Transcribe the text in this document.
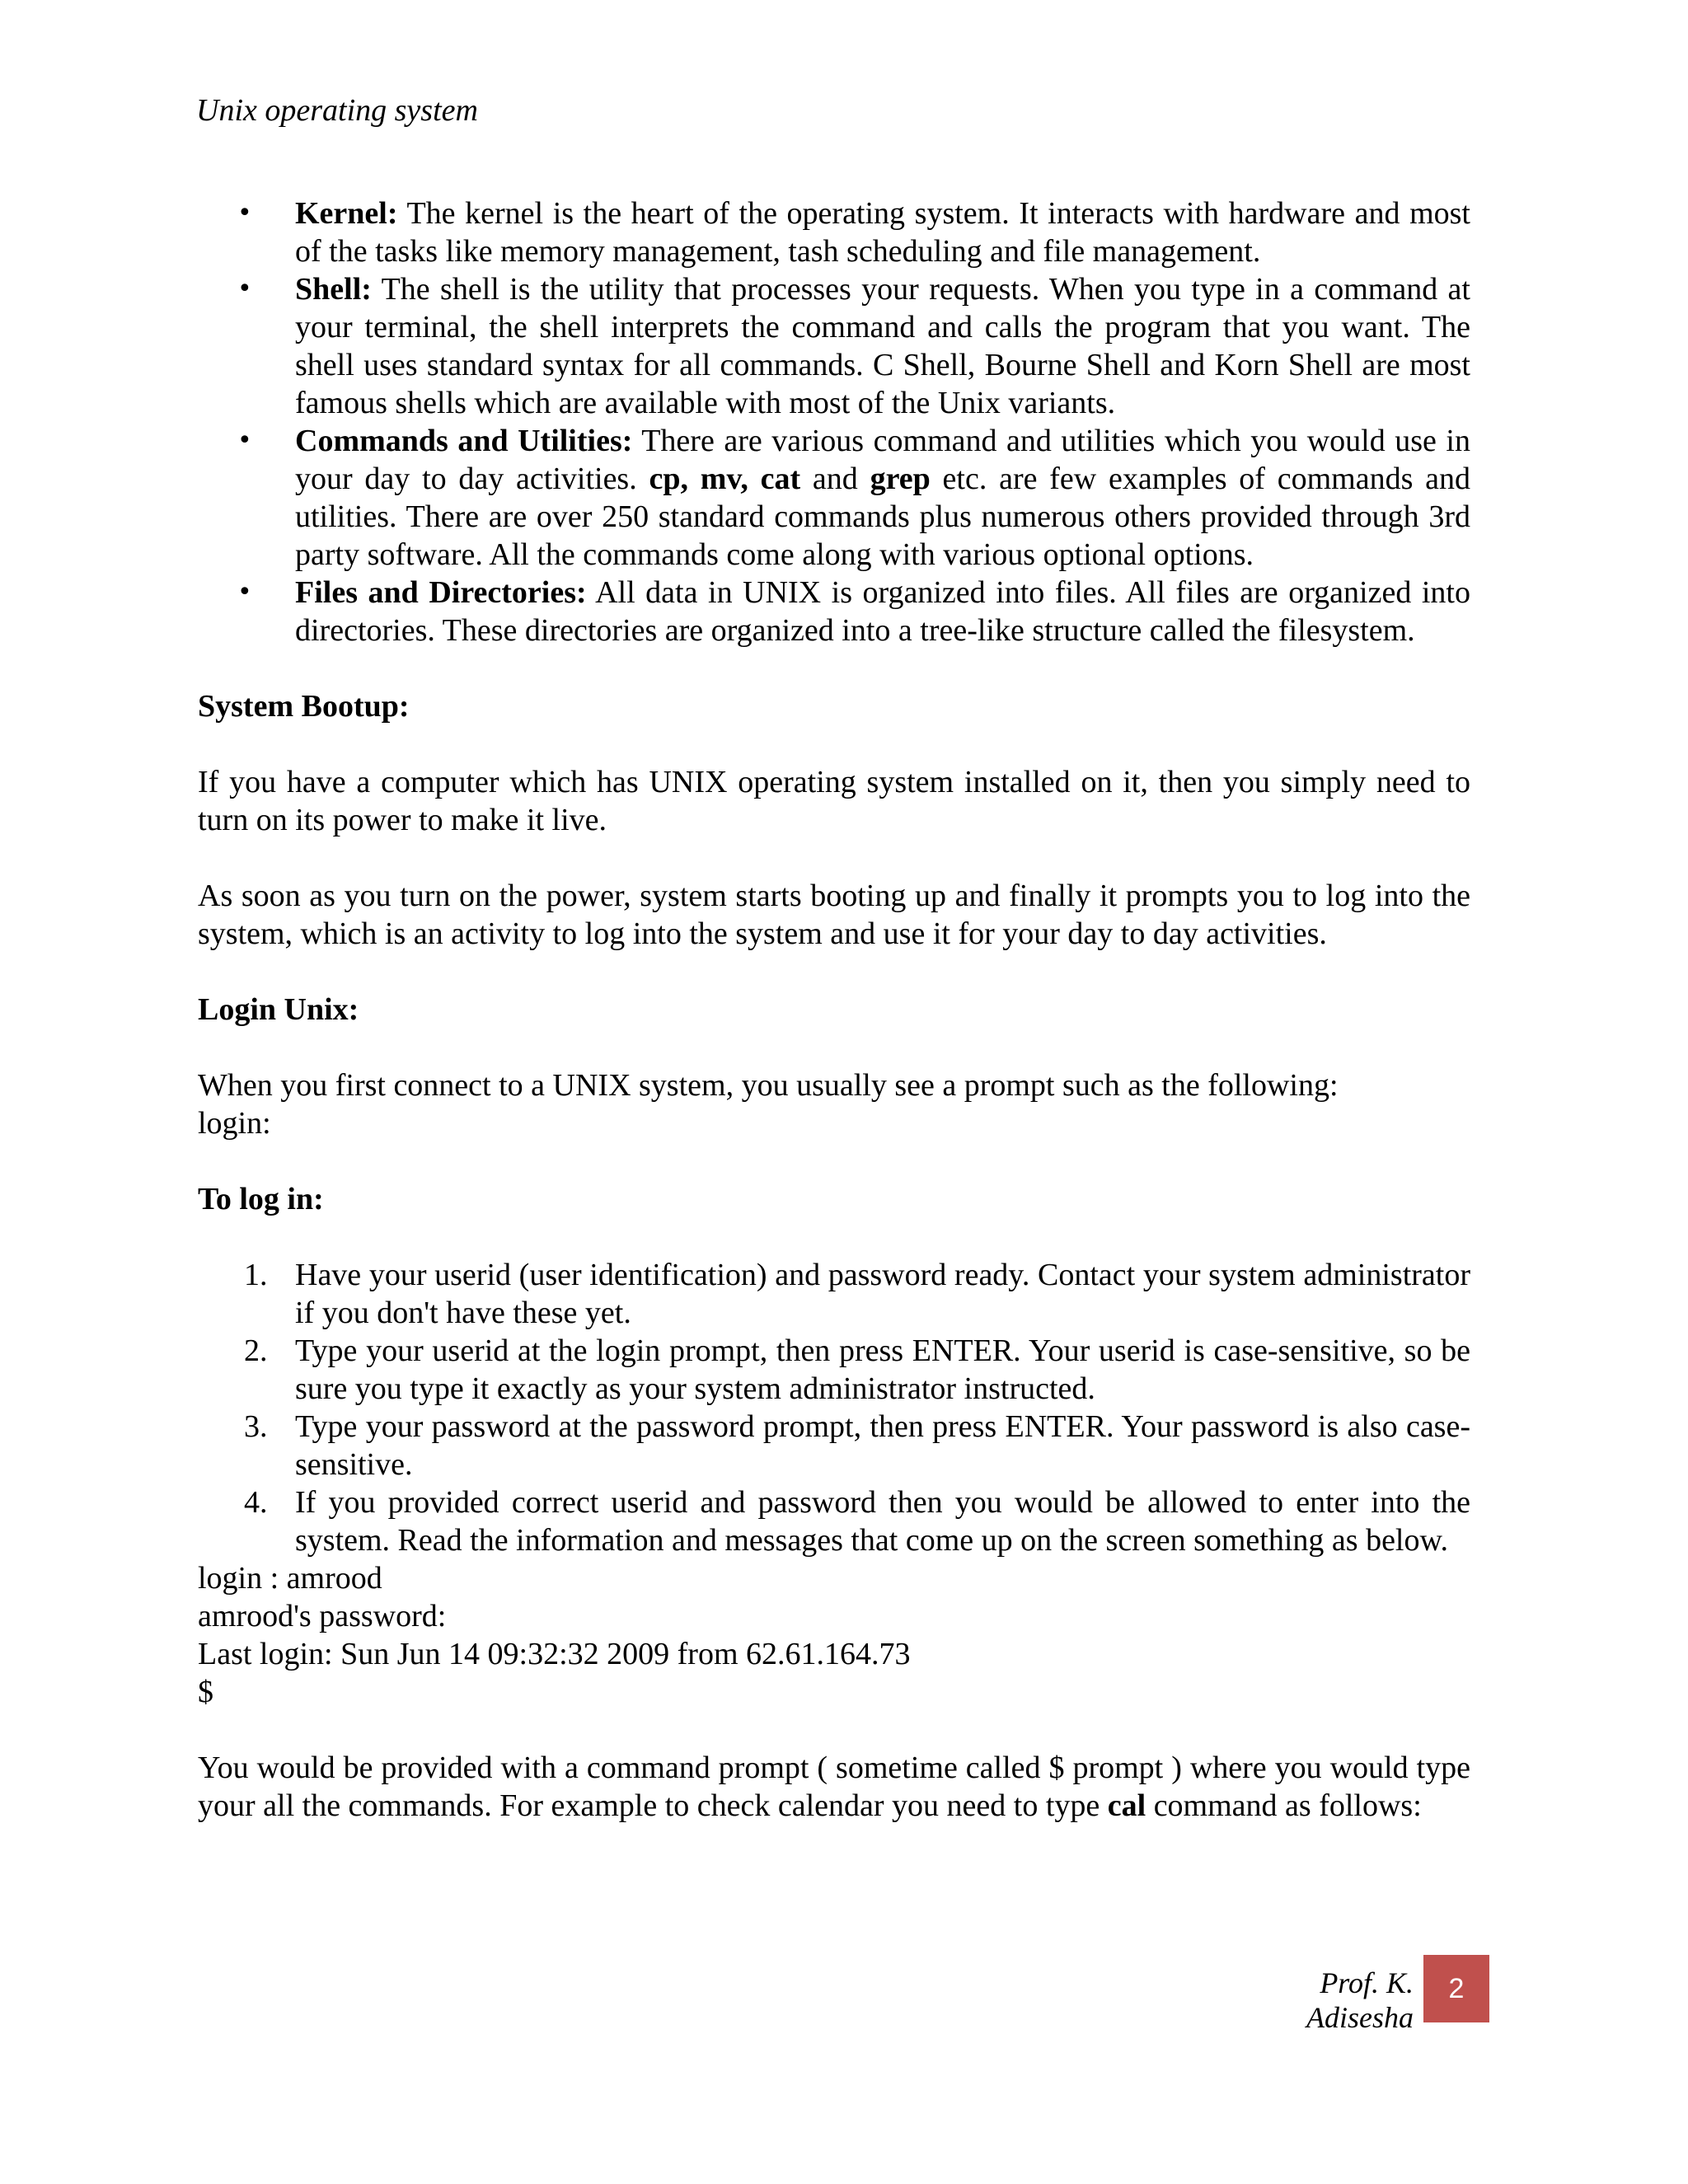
Unix operating system
•	Kernel: The kernel is the heart of the operating system. It interacts with hardware and most of the tasks like memory management, tash scheduling and file management.
•	Shell: The shell is the utility that processes your requests. When you type in a command at your terminal, the shell interprets the command and calls the program that you want. The shell uses standard syntax for all commands. C Shell, Bourne Shell and Korn Shell are most famous shells which are available with most of the Unix variants.
•	Commands and Utilities: There are various command and utilities which you would use in your day to day activities. cp, mv, cat and grep etc. are few examples of commands and utilities. There are over 250 standard commands plus numerous others provided through 3rd party software. All the commands come along with various optional options.
•	Files and Directories: All data in UNIX is organized into files. All files are organized into directories. These directories are organized into a tree-like structure called the filesystem.
System Bootup:

If you have a computer which has UNIX operating system installed on it, then you simply need to turn on its power to make it live.

As soon as you turn on the power, system starts booting up and finally it prompts you to log into the system, which is an activity to log into the system and use it for your day to day activities.

Login Unix:

When you first connect to a UNIX system, you usually see a prompt such as the following:

login:

To log in:
1. Have your userid (user identification) and password ready. Contact your system administrator if you don't have these yet.
2. Type your userid at the login prompt, then press ENTER. Your userid is case-sensitive, so be sure you type it exactly as your system administrator instructed.
3. Type your password at the password prompt, then press ENTER. Your password is also case-sensitive.
4. If you provided correct userid and password then you would be allowed to enter into the system. Read the information and messages that come up on the screen something as below.

login : amrood

amrood's password:

Last login: Sun Jun 14 09:32:32 2009 from 62.61.164.73

$

You would be provided with a command prompt ( sometime called $ prompt ) where you would type your all the commands. For example to check calendar you need to type cal command as follows:

Prof. K. Adisesha
2
